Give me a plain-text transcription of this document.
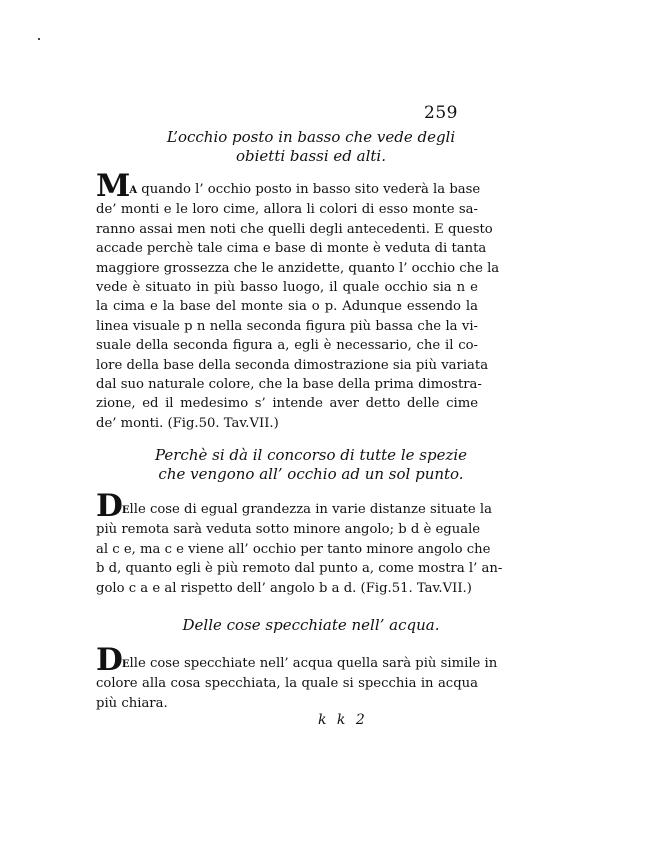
259
L’occhio posto in basso che vede degli
obietti bassi ed alti.
MA quando l’ occhio posto in basso sito vederà la base
de’ monti e le loro cime, allora li colori di esso monte sa-
ranno assai men noti che quelli degli antecedenti. E questo
accade perchè tale cima e base di monte è veduta di tanta
maggiore grossezza che le anzidette, quanto l’ occhio che la
vede è situato in più basso luogo, il quale occhio sia n e
la cima e la base del monte sia o p. Adunque essendo la
linea visuale p n nella seconda figura più bassa che la vi-
suale della seconda figura a, egli è necessario, che il co-
lore della base della seconda dimostrazione sia più variata
dal suo naturale colore, che la base della prima dimostra-
zione, ed il medesimo s’ intende aver detto delle cime
de’ monti. (Fig.50. Tav.VII.)
Perchè si dà il concorso di tutte le spezie
che vengono all’ occhio ad un sol punto.
DElle cose di egual grandezza in varie distanze situate la
più remota sarà veduta sotto minore angolo; b d è eguale
al c e, ma c e viene all’ occhio per tanto minore angolo che
b d, quanto egli è più remoto dal punto a, come mostra l’ an-
golo c a e al rispetto dell’ angolo b a d. (Fig.51. Tav.VII.)
Delle cose specchiate nell’ acqua.
DElle cose specchiate nell’ acqua quella sarà più simile in
colore alla cosa specchiata, la quale si specchia in acqua
più chiara.
k k 2
